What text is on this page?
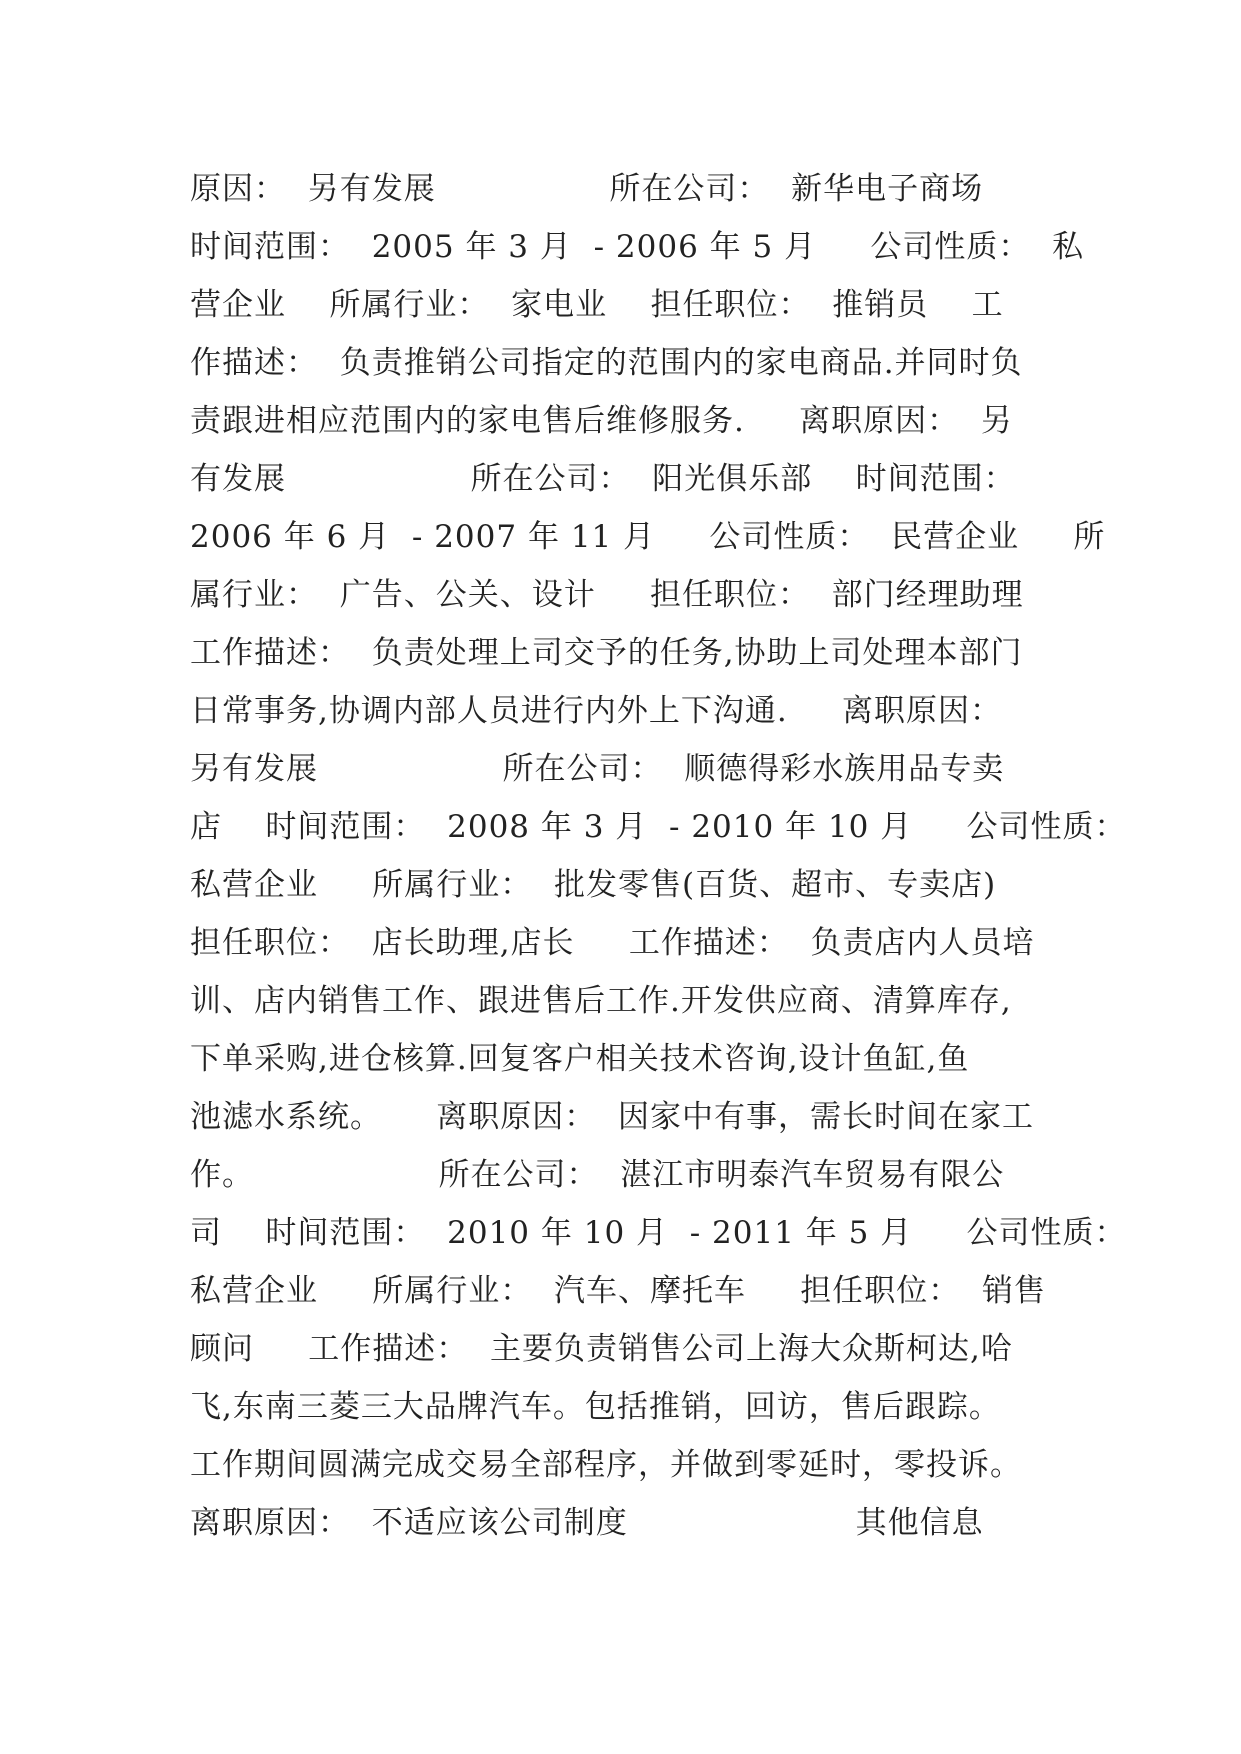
原因：  另有发展                所在公司：  新华电子商场
时间范围：  2005 年 3 月  - 2006 年 5 月     公司性质：  私
营企业    所属行业：  家电业    担任职位：  推销员    工
作描述：  负责推销公司指定的范围内的家电商品.并同时负
责跟进相应范围内的家电售后维修服务.     离职原因：  另
有发展                 所在公司：  阳光俱乐部    时间范围：
2006 年 6 月  - 2007 年 11 月     公司性质：  民营企业     所
属行业：  广告、公关、设计     担任职位：  部门经理助理
工作描述：  负责处理上司交予的任务,协助上司处理本部门
日常事务,协调内部人员进行内外上下沟通.     离职原因：
另有发展                 所在公司：  顺德得彩水族用品专卖
店    时间范围：  2008 年 3 月  - 2010 年 10 月     公司性质：
私营企业     所属行业：  批发零售(百货、超市、专卖店)
担任职位：  店长助理,店长     工作描述：  负责店内人员培
训、店内销售工作、跟进售后工作.开发供应商、清算库存,
下单采购,进仓核算.回复客户相关技术咨询,设计鱼缸,鱼
池滤水系统。     离职原因：  因家中有事，需长时间在家工
作。                 所在公司：  湛江市明泰汽车贸易有限公
司    时间范围：  2010 年 10 月  - 2011 年 5 月     公司性质：
私营企业     所属行业：  汽车、摩托车     担任职位：  销售
顾问     工作描述：  主要负责销售公司上海大众斯柯达,哈
飞,东南三菱三大品牌汽车。包括推销，回访，售后跟踪。
工作期间圆满完成交易全部程序，并做到零延时，零投诉。
离职原因：  不适应该公司制度                     其他信息
